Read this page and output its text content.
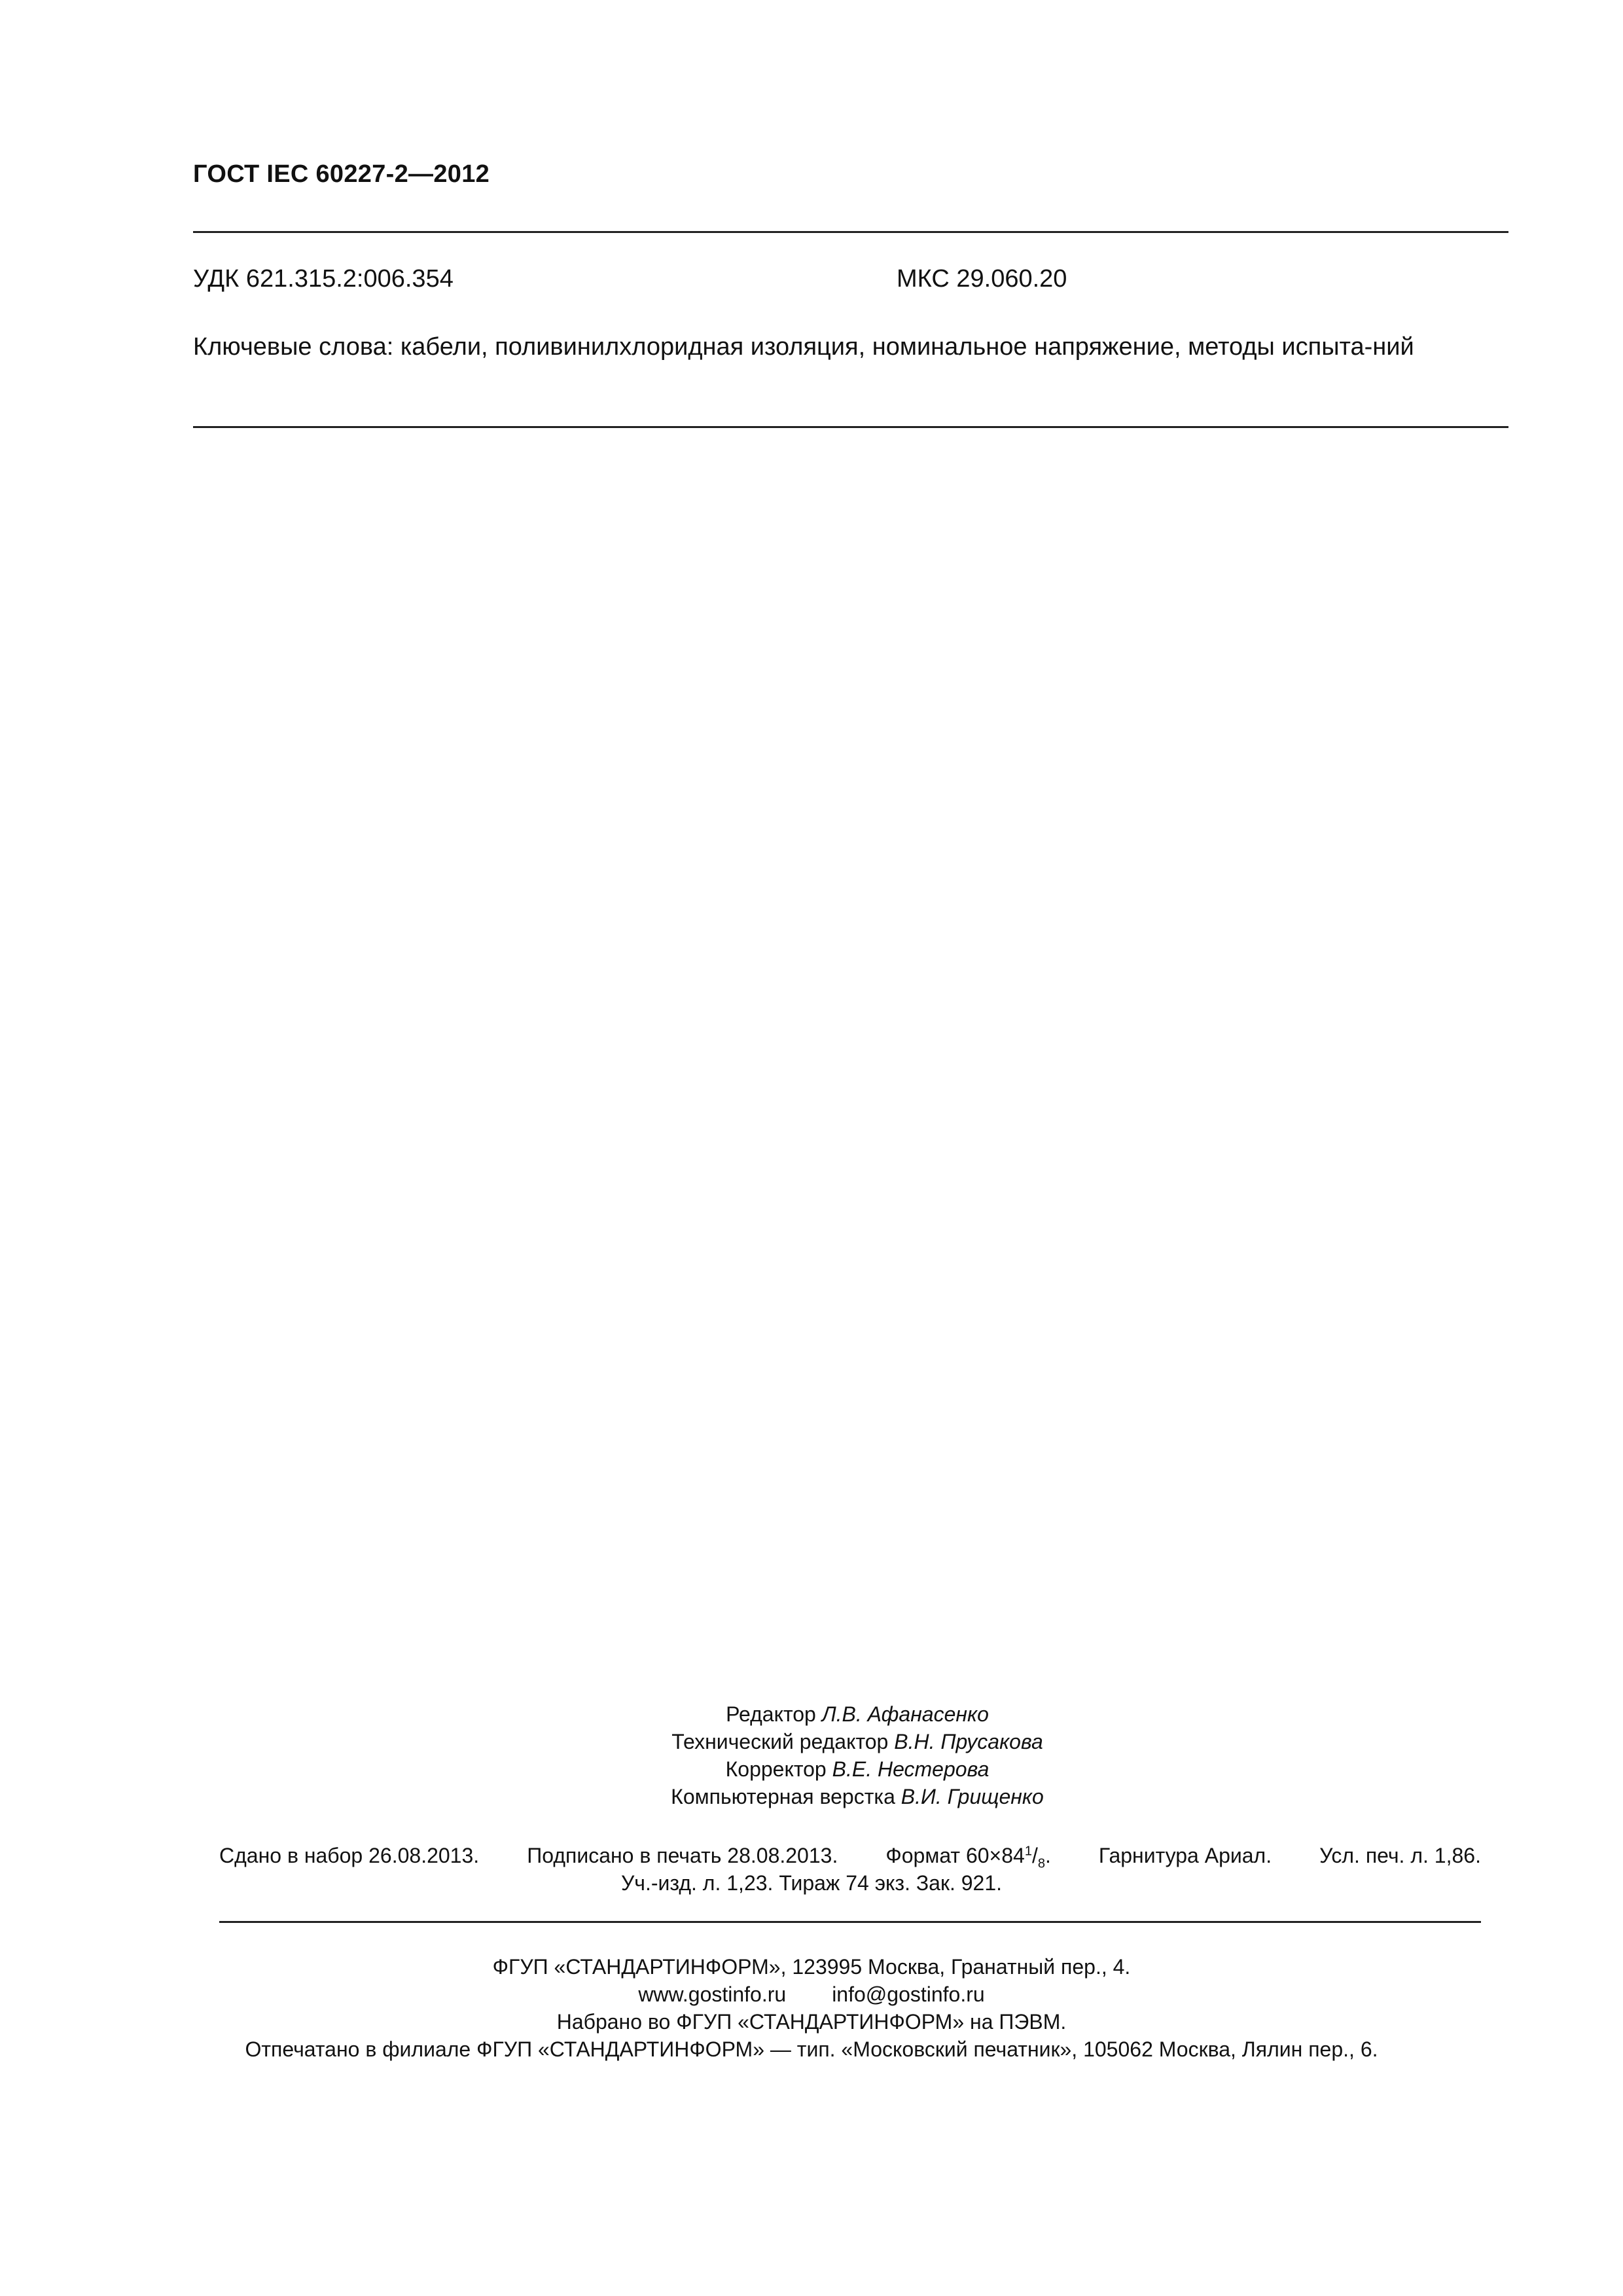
ГОСТ IEC 60227-2—2012
УДК 621.315.2:006.354	МКС 29.060.20
Ключевые слова: кабели, поливинилхлоридная изоляция, номинальное напряжение, методы испыта-ний
Редактор Л.В. Афанасенко
Технический редактор В.Н. Прусакова
Корректор В.Е. Нестерова
Компьютерная верстка В.И. Грищенко
Сдано в набор 26.08.2013. Подписано в печать 28.08.2013. Формат $60\times 84^1/_8$. Гарнитура Ариал. Усл. печ. л. 1,86.
Уч.-изд. л. 1,23. Тираж 74 экз. Зак. 921.
ФГУП «СТАНДАРТИНФОРМ», 123995 Москва, Гранатный пер., 4.
www.gostinfo.ru info@gostinfo.ru
Набрано во ФГУП «СТАНДАРТИНФОРМ» на ПЭВМ.
Отпечатано в филиале ФГУП «СТАНДАРТИНФОРМ» — тип. «Московский печатник», 105062 Москва, Лялин пер., 6.
